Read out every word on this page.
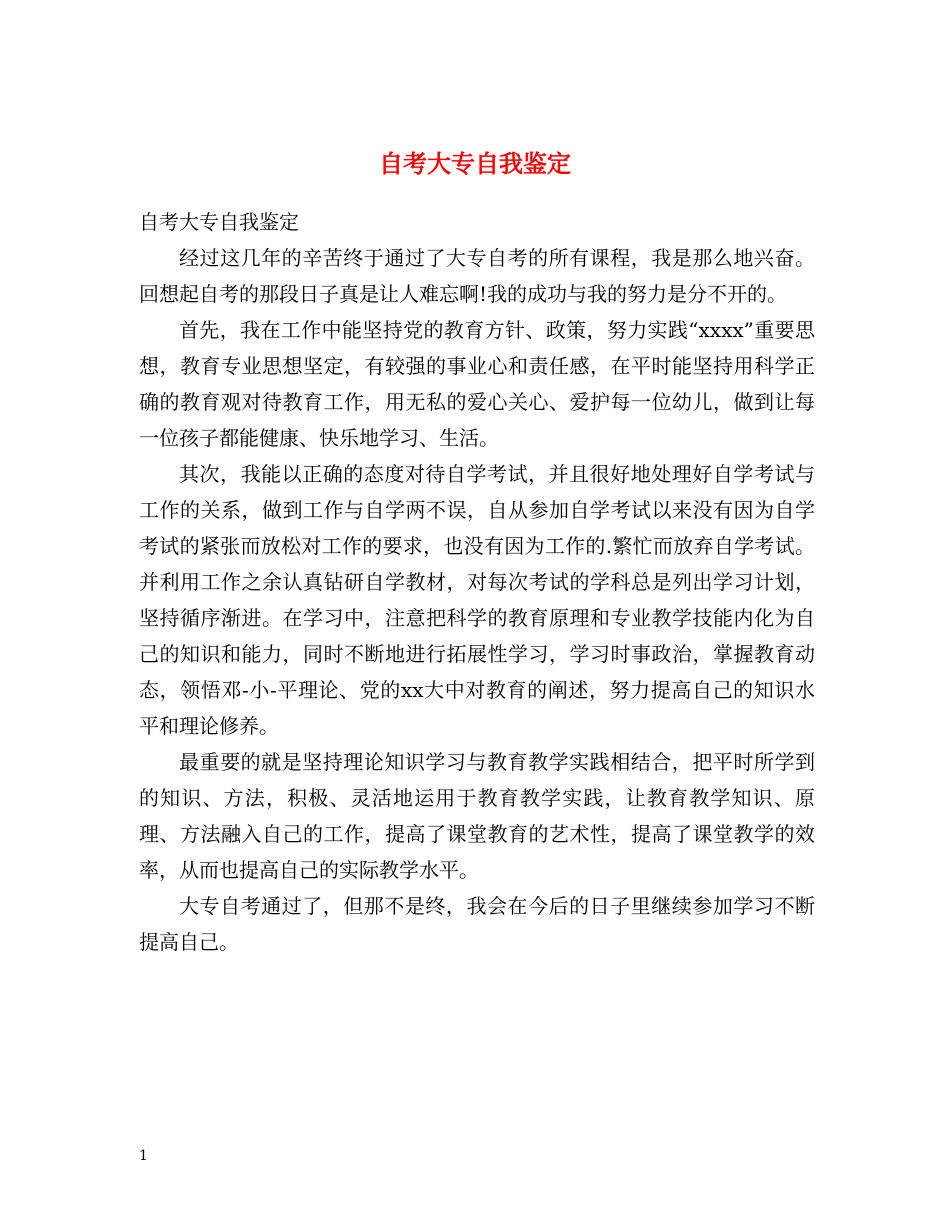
自考大专自我鉴定

自考大专自我鉴定

经过这几年的辛苦终于通过了大专自考的所有课程，我是那么地兴奋。回想起自考的那段日子真是让人难忘啊!我的成功与我的努力是分不开的。

首先，我在工作中能坚持党的教育方针、政策，努力实践“xxxx”重要思想，教育专业思想坚定，有较强的事业心和责任感，在平时能坚持用科学正确的教育观对待教育工作，用无私的爱心关心、爱护每一位幼儿，做到让每一位孩子都能健康、快乐地学习、生活。

其次，我能以正确的态度对待自学考试，并且很好地处理好自学考试与工作的关系，做到工作与自学两不误，自从参加自学考试以来没有因为自学考试的紧张而放松对工作的要求，也没有因为工作的.繁忙而放弃自学考试。并利用工作之余认真钻研自学教材，对每次考试的学科总是列出学习计划，坚持循序渐进。在学习中，注意把科学的教育原理和专业教学技能内化为自己的知识和能力，同时不断地进行拓展性学习，学习时事政治，掌握教育动态，领悟邓-小-平理论、党的xx大中对教育的阐述，努力提高自己的知识水平和理论修养。

最重要的就是坚持理论知识学习与教育教学实践相结合，把平时所学到的知识、方法，积极、灵活地运用于教育教学实践，让教育教学知识、原理、方法融入自己的工作，提高了课堂教育的艺术性，提高了课堂教学的效率，从而也提高自己的实际教学水平。

大专自考通过了，但那不是终，我会在今后的日子里继续参加学习不断提高自己。

1
